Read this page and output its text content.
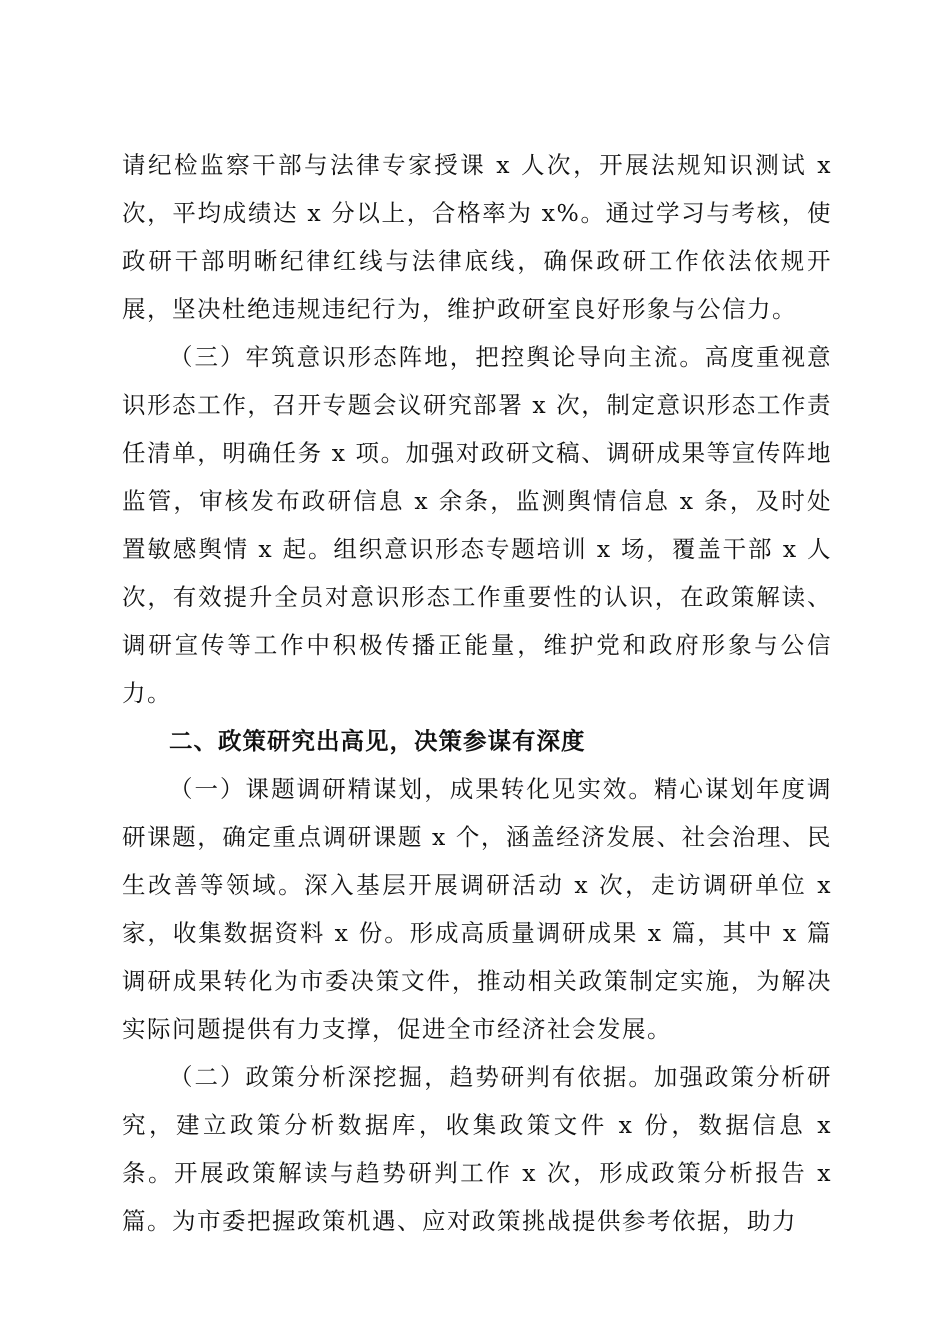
请纪检监察干部与法律专家授课 x 人次，开展法规知识测试 x 次，平均成绩达 x 分以上，合格率为 x%。通过学习与考核，使政研干部明晰纪律红线与法律底线，确保政研工作依法依规开展，坚决杜绝违规违纪行为，维护政研室良好形象与公信力。

（三）牢筑意识形态阵地，把控舆论导向主流。高度重视意识形态工作，召开专题会议研究部署 x 次，制定意识形态工作责任清单，明确任务 x 项。加强对政研文稿、调研成果等宣传阵地监管，审核发布政研信息 x 余条，监测舆情信息 x 条，及时处置敏感舆情 x 起。组织意识形态专题培训 x 场，覆盖干部 x 人次，有效提升全员对意识形态工作重要性的认识，在政策解读、调研宣传等工作中积极传播正能量，维护党和政府形象与公信力。

二、政策研究出高见，决策参谋有深度

（一）课题调研精谋划，成果转化见实效。精心谋划年度调研课题，确定重点调研课题 x 个，涵盖经济发展、社会治理、民生改善等领域。深入基层开展调研活动 x 次，走访调研单位 x 家，收集数据资料 x 份。形成高质量调研成果 x 篇，其中 x 篇调研成果转化为市委决策文件，推动相关政策制定实施，为解决实际问题提供有力支撑，促进全市经济社会发展。

（二）政策分析深挖掘，趋势研判有依据。加强政策分析研究，建立政策分析数据库，收集政策文件 x 份，数据信息 x 条。开展政策解读与趋势研判工作 x 次，形成政策分析报告 x 篇。为市委把握政策机遇、应对政策挑战提供参考依据，助力
